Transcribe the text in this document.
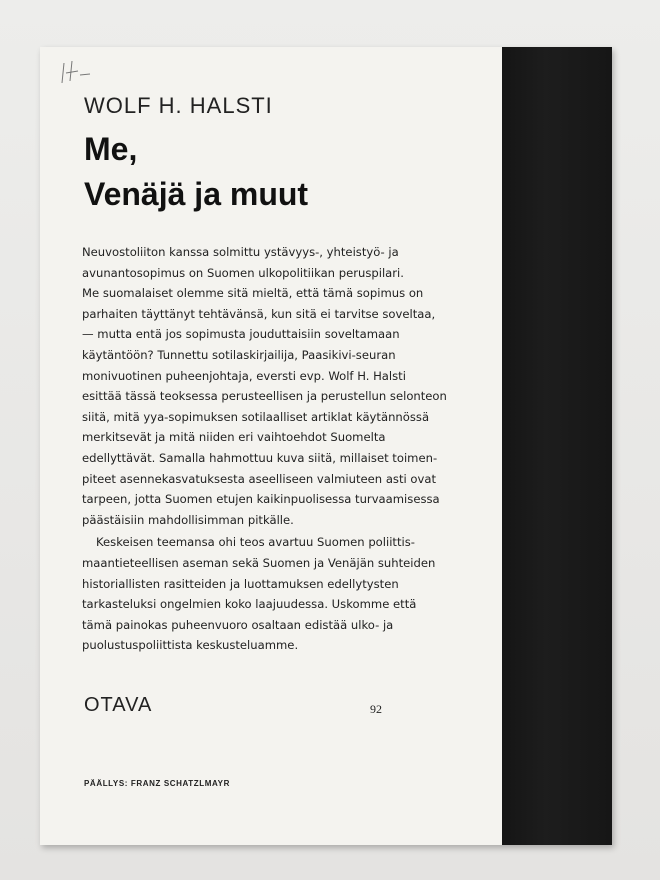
WOLF H. HALSTI

Me,
Venäjä ja muut
Neuvostoliiton kanssa solmittu ystävyys-, yhteistyö- ja
avunantosopimus on Suomen ulkopolitiikan peruspilari.
Me suomalaiset olemme sitä mieltä, että tämä sopimus on
parhaiten täyttänyt tehtävänsä, kun sitä ei tarvitse soveltaa,
— mutta entä jos sopimusta jouduttaisiin soveltamaan
käytäntöön? Tunnettu sotilaskirjailija, Paasikivi-seuran
monivuotinen puheenjohtaja, eversti evp. Wolf H. Halsti
esittää tässä teoksessa perusteellisen ja perustellun selonteon
siitä, mitä yya-sopimuksen sotilaalliset artiklat käytännössä
merkitsevät ja mitä niiden eri vaihtoehdot Suomelta
edellyttävät. Samalla hahmottuu kuva siitä, millaiset toimen-
piteet asennekasvatuksesta aseelliseen valmiuteen asti ovat
tarpeen, jotta Suomen etujen kaikinpuolisessa turvaamisessa
päästäisiin mahdollisimman pitkälle.
Keskeisen teemansa ohi teos avartuu Suomen poliittis-
maantieteellisen aseman sekä Suomen ja Venäjän suhteiden
historiallisten rasitteiden ja luottamuksen edellytysten
tarkasteluksi ongelmien koko laajuudessa. Uskomme että
tämä painokas puheenvuoro osaltaan edistää ulko- ja
puolustuspoliittista keskusteluamme.

OTAVA	92
PÄÄLLYS: FRANZ SCHATZLMAYR
